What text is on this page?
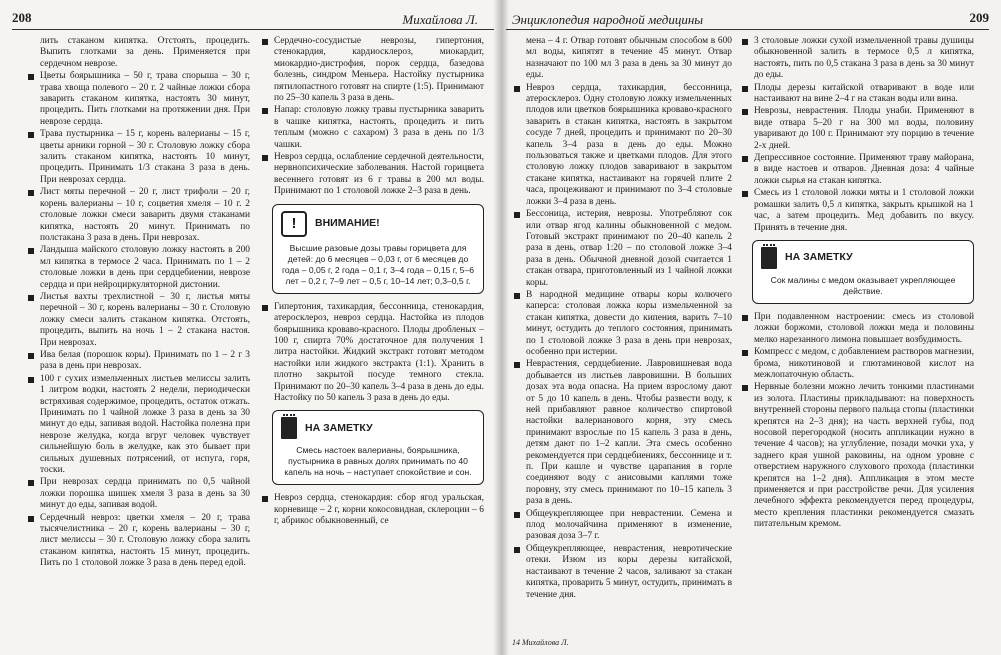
208	Михайлова Л.
лить стаканом кипятка. Отстоять, процедить. Выпить глотками за день. Применяется при сердечном неврозе.
Цветы боярышника – 50 г, трава спорыша – 30 г, трава хвоща полевого – 20 г. 2 чайные ложки сбора заварить стаканом кипятка, настоять 30 минут, процедить. Пить глотками на протяжении дня. При неврозе сердца.
Трава пустырника – 15 г, корень валерианы – 15 г, цветы арники горной – 30 г. Столовую ложку сбора залить стаканом кипятка, настоять 10 минут, процедить. Принимать 1/3 стакана 3 раза в день. При неврозах сердца.
Лист мяты перечной – 20 г, лист трифоли – 20 г, корень валерианы – 10 г, соцветия хмеля – 10 г. 2 столовые ложки смеси заварить двумя стаканами кипятка, настоять 20 минут. Принимать по полстакана 3 раза в день. При неврозах.
Ландыша майского столовую ложку настоять в 200 мл кипятка в термосе 2 часа. Принимать по 1 – 2 столовые ложки в день при сердцебиении, неврозе сердца и при нейроциркуляторной дистонии.
Листья вахты трехлистной – 30 г, листья мяты перечной – 30 г, корень валерианы – 30 г. Столовую ложку смеси залить стаканом кипятка. Отстоять, процедить, выпить на ночь 1 – 2 стакана настоя. При неврозах.
Ива белая (порошок коры). Принимать по 1 – 2 г 3 раза в день при неврозах.
100 г сухих измельченных листьев мелиссы залить 1 литром водки, настоять 2 недели, периодически встряхивая содержимое, процедить, остаток отжать. Принимать по 1 чайной ложке 3 раза в день за 30 минут до еды, запивая водой. Настойка полезна при неврозе желудка, когда вгруг человек чувствует сильнейшую боль в желудке, как это бывает при сильных душевных потрясений, от испуга, горя, тоски.
При неврозах сердца принимать по 0,5 чайной ложки порошка шишек хмеля 3 раза в день за 30 минут до еды, запивая водой.
Сердечный невроз: цветки хмеля – 20 г, трава тысячелистника – 20 г, корень валерианы – 30 г, лист мелиссы – 30 г. Столовую ложку сбора залить стаканом кипятка, настоять 15 минут, процедить. Пить по 1 столовой ложке 3 раза в день перед едой.
Сердечно-сосудистые неврозы, гипертония, стенокардия, кардиосклероз, миокардит, миокардио-дистрофия, порок сердца, базедова болезнь, синдром Меньера. Настойку пустырника пятилопастного готовят на спирте (1:5). Принимают по 25–30 капель 3 раза в день.
Напар: столовую ложку травы пустырника заварить в чашке кипятка, настоять, процедить и пить теплым (можно с сахаром) 3 раза в день по 1/3 чашки.
Невроз сердца, ослабление сердечной деятельности, нервнопсихические заболевания. Настой горицвета весеннего готовят из 6 г травы в 200 мл воды. Принимают по 1 столовой ложке 2–3 раза в день.
!	ВНИМАНИЕ!
Высшие разовые дозы травы горицвета для детей: до 6 месяцев – 0,03 г, от 6 месяцев до года – 0,05 г, 2 года – 0,1 г, 3–4 года – 0,15 г, 5–6 лет – 0,2 г, 7–9 лет – 0,5 г, 10–14 лет; 0,3–0,5 г.
Гипертония, тахикардия, бессонница, стенокардия, атеросклероз, невроз сердца. Настойка из плодов боярышника кроваво-красного. Плоды дробленых – 100 г, спирта 70% достаточное для получения 1 литра настойки. Жидкий экстракт готовят методом настойки или жидкого экстракта (1:1). Хранить в плотно закрытой посуде темного стекла. Принимают по 20–30 капель 3–4 раза в день до еды. Настойку по 50 капель 3 раза в день до еды.
НА ЗАМЕТКУ
Смесь настоек валерианы, боярышника, пустырника в равных долях принимать по 40 капель на ночь – наступает спокойствие и сон.
Невроз сердца, стенокардия: сбор ягод уральская, корневище – 2 г, корни кокосовидная, склероции – 6 г, абрикос обыкновенный, се
Энциклопедия народной медицины	209
мена – 4 г. Отвар готовят обычным способом в 600 мл воды, кипятят в течение 45 минут. Отвар назначают по 100 мл 3 раза в день за 30 минут до еды.
Невроз сердца, тахикардия, бессонница, атеросклероз. Одну столовую ложку измельченных плодов или цветков боярышника кроваво-красного заварить в стакан кипятка, настоять в закрытом сосуде 7 дней, процедить и принимают по 20–30 капель 3–4 раза в день до еды. Можно пользоваться также и цветками плодов. Для этого столовую ложку плодов заваривают в закрытом стакане кипятка, настаивают на горячей плите 2 часа, процеживают и принимают по 3–4 столовые ложки 3–4 раза в день.
Бессоница, истерия, неврозы. Употребляют сок или отвар ягод калины обыкновенной с медом. Готовый экстракт принимают по 20–40 капель 2 раза в день, отвар 1:20 – по столовой ложке 3–4 раза в день. Обычной дневной дозой считается 1 стакан отвара, приготовленный из 1 чайной ложки коры.
В народной медицине отвары коры колючего каперса: столовая ложка коры измельченной за стакан кипятка, довести до кипения, варить 7–10 минут, остудить до теплого состояния, принимать по 1 столовой ложке 3 раза в день при неврозах, особенно при истерии.
Неврастения, сердцебиение. Лавровишневая вода добывается из листьев лавровишни. В больших дозах эта вода опасна. На прием взрослому дают от 5 до 10 капель в день. Чтобы развести воду, к ней прибавляют равное количество спиртовой настойки валерианового корня, эту смесь принимают взрослые по 15 капель 3 раза в день, детям дают по 1–2 капли. Эта смесь особенно рекомендуется при сердцебиениях, бессоннице и т. п. При кашле и чувстве царапания в горле соединяют воду с анисовыми каплями тоже поровну, эту смесь принимают по 10–15 капель 3 раза в день.
Общеукрепляющее при неврастении. Семена и плод молочайчина применяют в изменение, разовая доза 3–7 г.
Общеукрепляющее, неврастения, невротические отеки. Изюм из коры дерезы китайской, настаивают в течение 2 часов, заливают за стакан кипятка, проварить 5 минут, остудить, принимать в течение дня.
3 столовые ложки сухой измельченной травы душицы обыкновенной залить в термосе 0,5 л кипятка, настоять, пить по 0,5 стакана 3 раза в день за 30 минут до еды.
Плоды дерезы китайской отваривают в воде или настаивают на вине 2–4 г на стакан воды или вина.
Неврозы, неврастения. Плоды унаби. Применяют в виде отвара 5–20 г на 300 мл воды, половину уваривают до 100 г. Принимают эту порцию в течение 2-х дней.
Депрессивное состояние. Применяют траву майорана, в виде настоев и отваров. Дневная доза: 4 чайные ложки сырья на стакан кипятка.
Смесь из 1 столовой ложки мяты и 1 столовой ложки ромашки залить 0,5 л кипятка, закрыть крышкой на 1 час, а затем процедить. Мед добавить по вкусу. Принять в течение дня.
НА ЗАМЕТКУ
Сок малины с медом оказывает укрепляющее действие.
При подавленном настроении: смесь из столовой ложки боржоми, столовой ложки меда и половины мелко нарезанного лимона повышает возбудимость.
Компресс с медом, с добавлением растворов магнезии, брома, никотиновой и глютаминовой кислот на межлопаточную область.
Нервные болезни можно лечить тонкими пластинами из золота. Пластины прикладывают: на поверхность внутренней стороны первого пальца стопы (пластинки крепятся на 2–3 дня); на часть верхней губы, под носовой перегородкой (носить аппликации нужно в течение 4 часов); на углубление, позади мочки уха, у заднего края ушной раковины, на одном уровне с отверстием наружного слухового прохода (пластинки крепятся на 1–2 дня). Аппликация в этом месте применяется и при расстройстве речи. Для усиления лечебного эффекта рекомендуется перед процедуры, место крепления пластинки рекомендуется смазать питательным кремом.
14 Михайлова Л.
